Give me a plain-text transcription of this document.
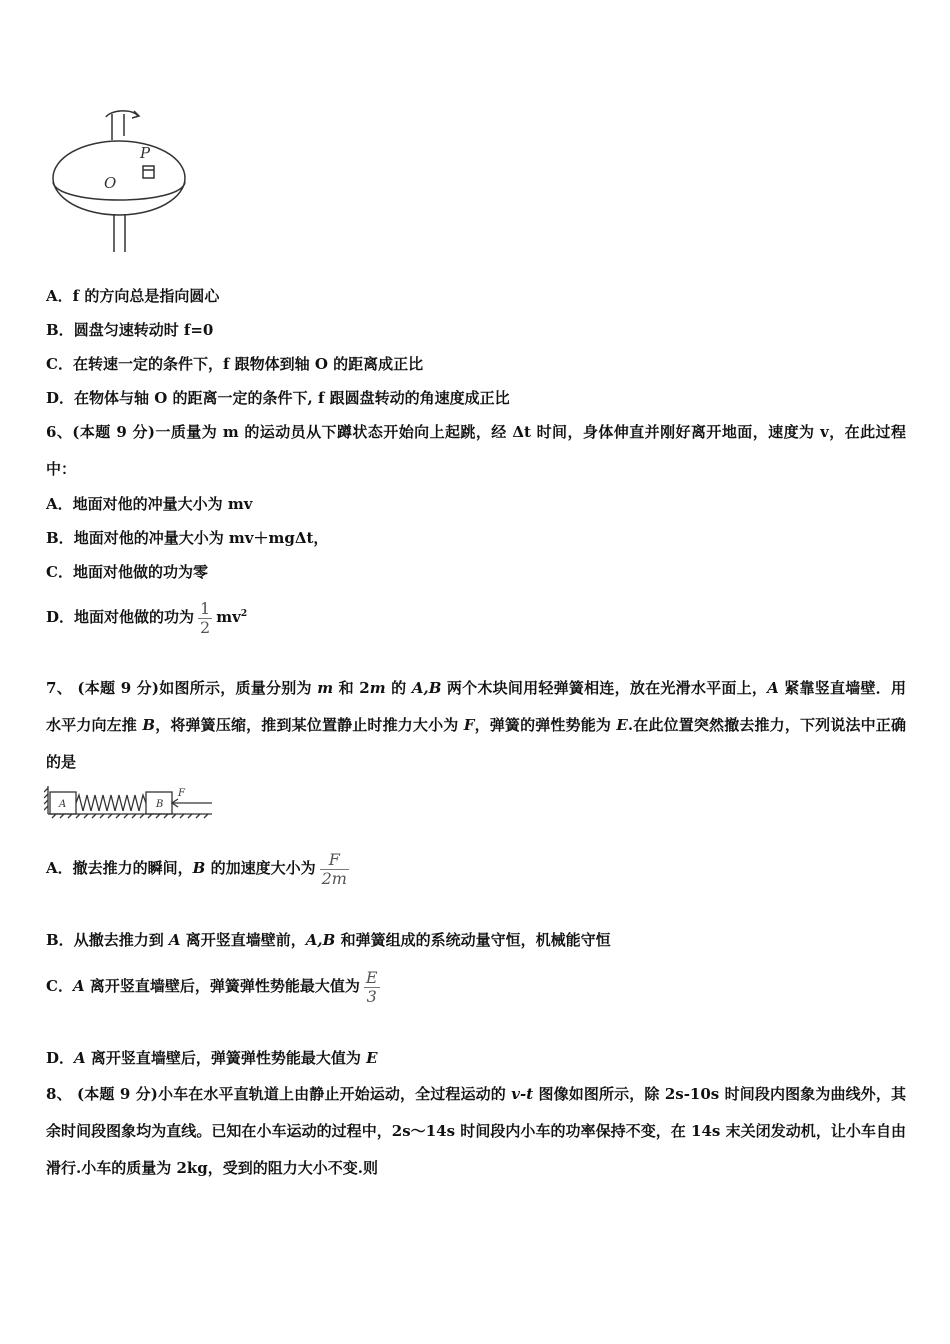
P
O
A．f 的方向总是指向圆心
B．圆盘匀速转动时 f=0
C．在转速一定的条件下，f 跟物体到轴 O 的距离成正比
D．在物体与轴 O 的距离一定的条件下, f 跟圆盘转动的角速度成正比
6、(本题 9 分)一质量为 m 的运动员从下蹲状态开始向上起跳，经 Δt 时间，身体伸直并刚好离开地面，速度为 v，在此过程中：
A．地面对他的冲量大小为 mv
B．地面对他的冲量大小为 mv＋mgΔt，
C．地面对他做的功为零
D．地面对他做的功为 $\frac{1}{2} mv^2$
7、 (本题 9 分)如图所示，质量分别为 m 和 2m 的 A,B 两个木块间用轻弹簧相连，放在光滑水平面上，A 紧靠竖直墙壁．用水平力向左推 B，将弹簧压缩，推到某位置静止时推力大小为 F，弹簧的弹性势能为 E.在此位置突然撤去推力，下列说法中正确的是
A	B
F
A．撤去推力的瞬间，B 的加速度大小为 $\frac{F}{2m}$
B．从撤去推力到 A 离开竖直墙壁前，A,B 和弹簧组成的系统动量守恒，机械能守恒
C．A 离开竖直墙壁后，弹簧弹性势能最大值为 $\frac{E}{3}$
D．A 离开竖直墙壁后，弹簧弹性势能最大值为 E
8、 (本题 9 分)小车在水平直轨道上由静止开始运动，全过程运动的 v-t 图像如图所示，除 2s-10s 时间段内图象为曲线外，其余时间段图象均为直线。已知在小车运动的过程中，2s～14s 时间段内小车的功率保持不变，在 14s 末关闭发动机，让小车自由滑行.小车的质量为 2kg，受到的阻力大小不变.则
